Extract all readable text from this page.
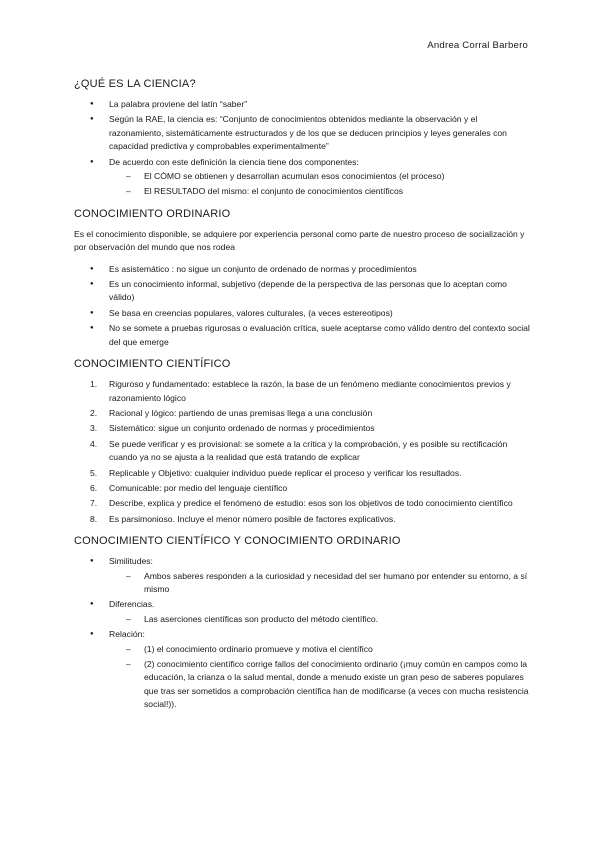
Andrea Corral Barbero
¿QUÉ ES LA CIENCIA?
● La palabra proviene del latín “saber”
● Según la RAE, la ciencia es: “Conjunto de conocimientos obtenidos mediante la observación y el razonamiento, sistemáticamente estructurados y de los que se deducen principios y leyes generales con capacidad predictiva y comprobables experimentalmente”
● De acuerdo con este definición la ciencia tiene dos componentes:
– El CÓMO se obtienen y desarrollan acumulan esos conocimientos (el proceso)
– El RESULTADO del mismo: el conjunto de conocimientos científicos
CONOCIMIENTO ORDINARIO

Es el conocimiento disponible, se adquiere por experiencia personal como parte de nuestro proceso de socialización y por observación del mundo que nos rodea

● Es asistemático : no sigue un conjunto de ordenado de normas y procedimientos
● Es un conocimiento informal, subjetivo (depende de la perspectiva de las personas que lo aceptan como válido)
● Se basa en creencias populares, valores culturales, (a veces estereotipos)
● No se somete a pruebas rigurosas o evaluación crítica, suele aceptarse como válido dentro del contexto social del que emerge
CONOCIMIENTO CIENTÍFICO
1. Riguroso y fundamentado: establece la razón, la base de un fenómeno mediante conocimientos previos y razonamiento lógico
2. Racional y lógico: partiendo de unas premisas llega a una conclusión
3. Sistemático: sigue un conjunto ordenado de normas y procedimientos
4. Se puede verificar y es provisional: se somete a la crítica y la comprobación, y es posible su rectificación cuando ya no se ajusta a la realidad que está tratando de explicar
5. Replicable y Objetivo: cualquier individuo puede replicar el proceso y verificar los resultados.
6. Comunicable: por medio del lenguaje científico
7. Describe, explica y predice el fenómeno de estudio: esos son los objetivos de todo conocimiento científico
8. Es parsimonioso. Incluye el menor número posible de factores explicativos.
CONOCIMIENTO CIENTÍFICO Y CONOCIMIENTO ORDINARIO
● Similitudes:
– Ambos saberes responden a la curiosidad y necesidad del ser humano por entender su entorno, a sí mismo
● Diferencias.
– Las aserciones científicas son producto del método científico.
● Relación:
– (1) el conocimiento ordinario promueve y motiva el científico
– (2) conocimiento científico corrige fallos del conocimiento ordinario (¡muy común en campos como la educación, la crianza o la salud mental, donde a menudo existe un gran peso de saberes populares que tras ser sometidos a comprobación científica han de modificarse (a veces con mucha resistencia social!)).
